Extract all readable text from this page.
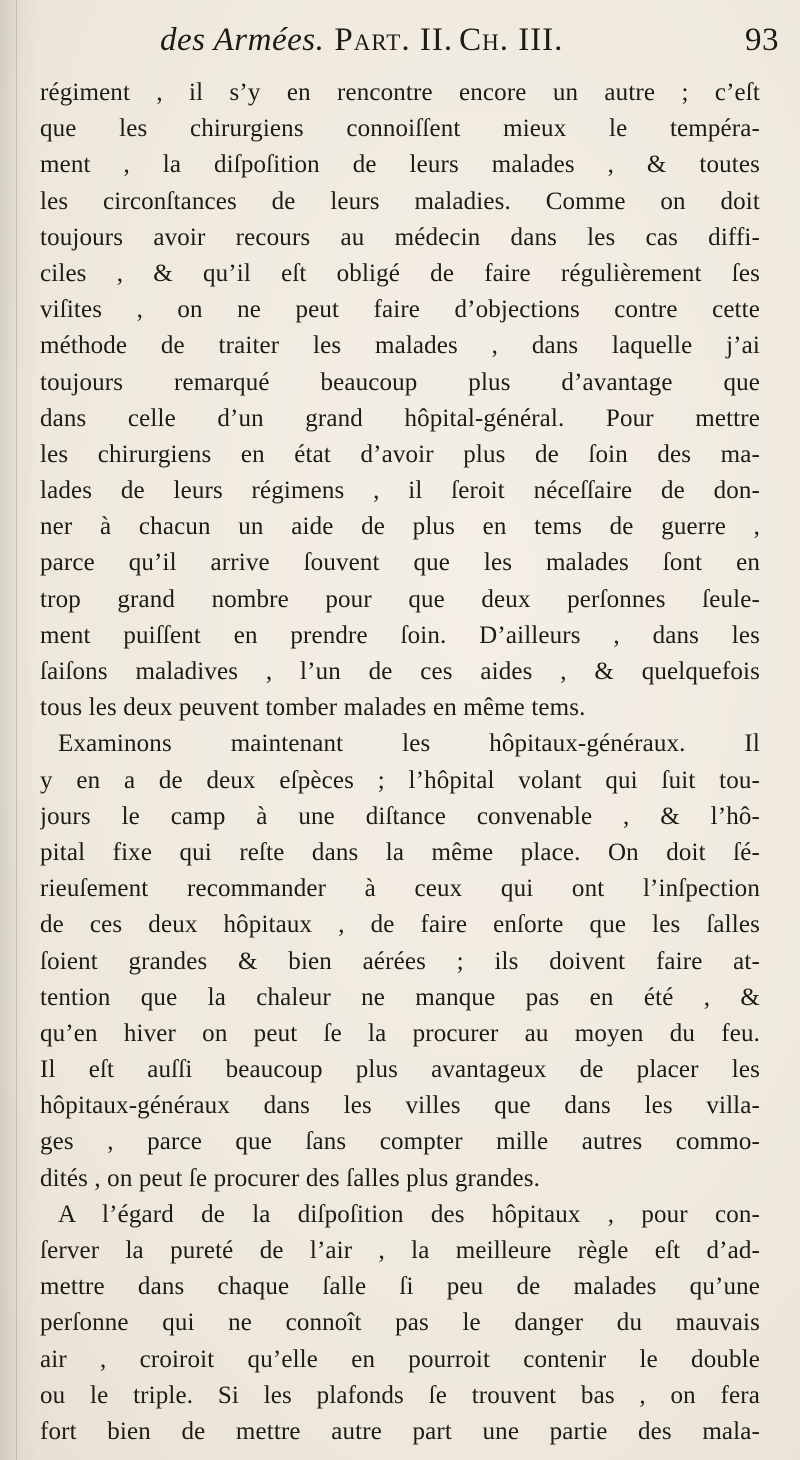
des Armées. Part. II. Ch. III.	93
régiment , il s’y en rencontre encore un autre ; c’eſt
que les chirurgiens connoiſſent mieux le tempéra-
ment , la diſpoſition de leurs malades , & toutes
les circonſtances de leurs maladies. Comme on doit
toujours avoir recours au médecin dans les cas diffi-
ciles , & qu’il eſt obligé de faire régulièrement ſes
viſites , on ne peut faire d’objections contre cette
méthode de traiter les malades , dans laquelle j’ai
toujours remarqué beaucoup plus d’avantage que
dans celle d’un grand hôpital-général. Pour mettre
les chirurgiens en état d’avoir plus de ſoin des ma-
lades de leurs régimens , il ſeroit néceſſaire de don-
ner à chacun un aide de plus en tems de guerre ,
parce qu’il arrive ſouvent que les malades ſont en
trop grand nombre pour que deux perſonnes ſeule-
ment puiſſent en prendre ſoin. D’ailleurs , dans les
ſaiſons maladives , l’un de ces aides , & quelquefois
tous les deux peuvent tomber malades en même tems.
Examinons maintenant les hôpitaux-généraux. Il
y en a de deux eſpèces ; l’hôpital volant qui ſuit tou-
jours le camp à une diſtance convenable , & l’hô-
pital fixe qui reſte dans la même place. On doit ſé-
rieuſement recommander à ceux qui ont l’inſpection
de ces deux hôpitaux , de faire enſorte que les ſalles
ſoient grandes & bien aérées ; ils doivent faire at-
tention que la chaleur ne manque pas en été , &
qu’en hiver on peut ſe la procurer au moyen du feu.
Il eſt auſſi beaucoup plus avantageux de placer les
hôpitaux-généraux dans les villes que dans les villa-
ges , parce que ſans compter mille autres commo-
dités , on peut ſe procurer des ſalles plus grandes.
A l’égard de la diſpoſition des hôpitaux , pour con-
ſerver la pureté de l’air , la meilleure règle eſt d’ad-
mettre dans chaque ſalle ſi peu de malades qu’une
perſonne qui ne connoît pas le danger du mauvais
air , croiroit qu’elle en pourroit contenir le double
ou le triple. Si les plafonds ſe trouvent bas , on fera
fort bien de mettre autre part une partie des mala-
